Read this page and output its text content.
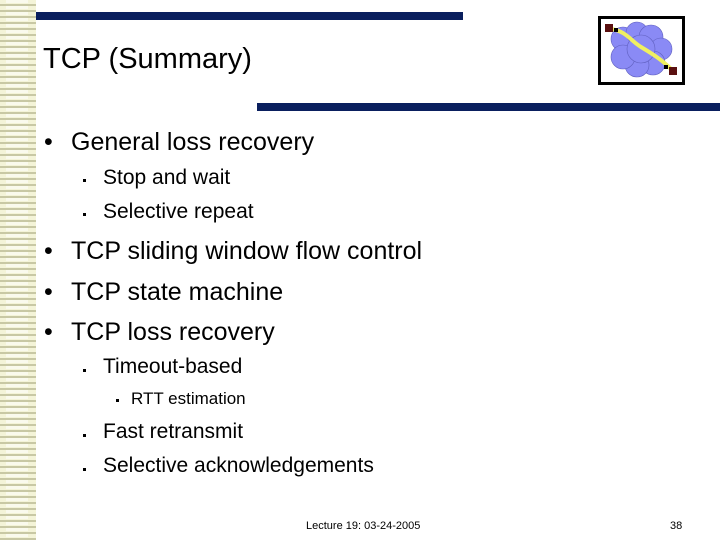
TCP (Summary)
• General loss recovery
Stop and wait
Selective repeat
• TCP sliding window flow control
• TCP state machine
• TCP loss recovery
Timeout-based
RTT estimation
Fast retransmit
Selective acknowledgements
Lecture 19: 03-24-2005	38
